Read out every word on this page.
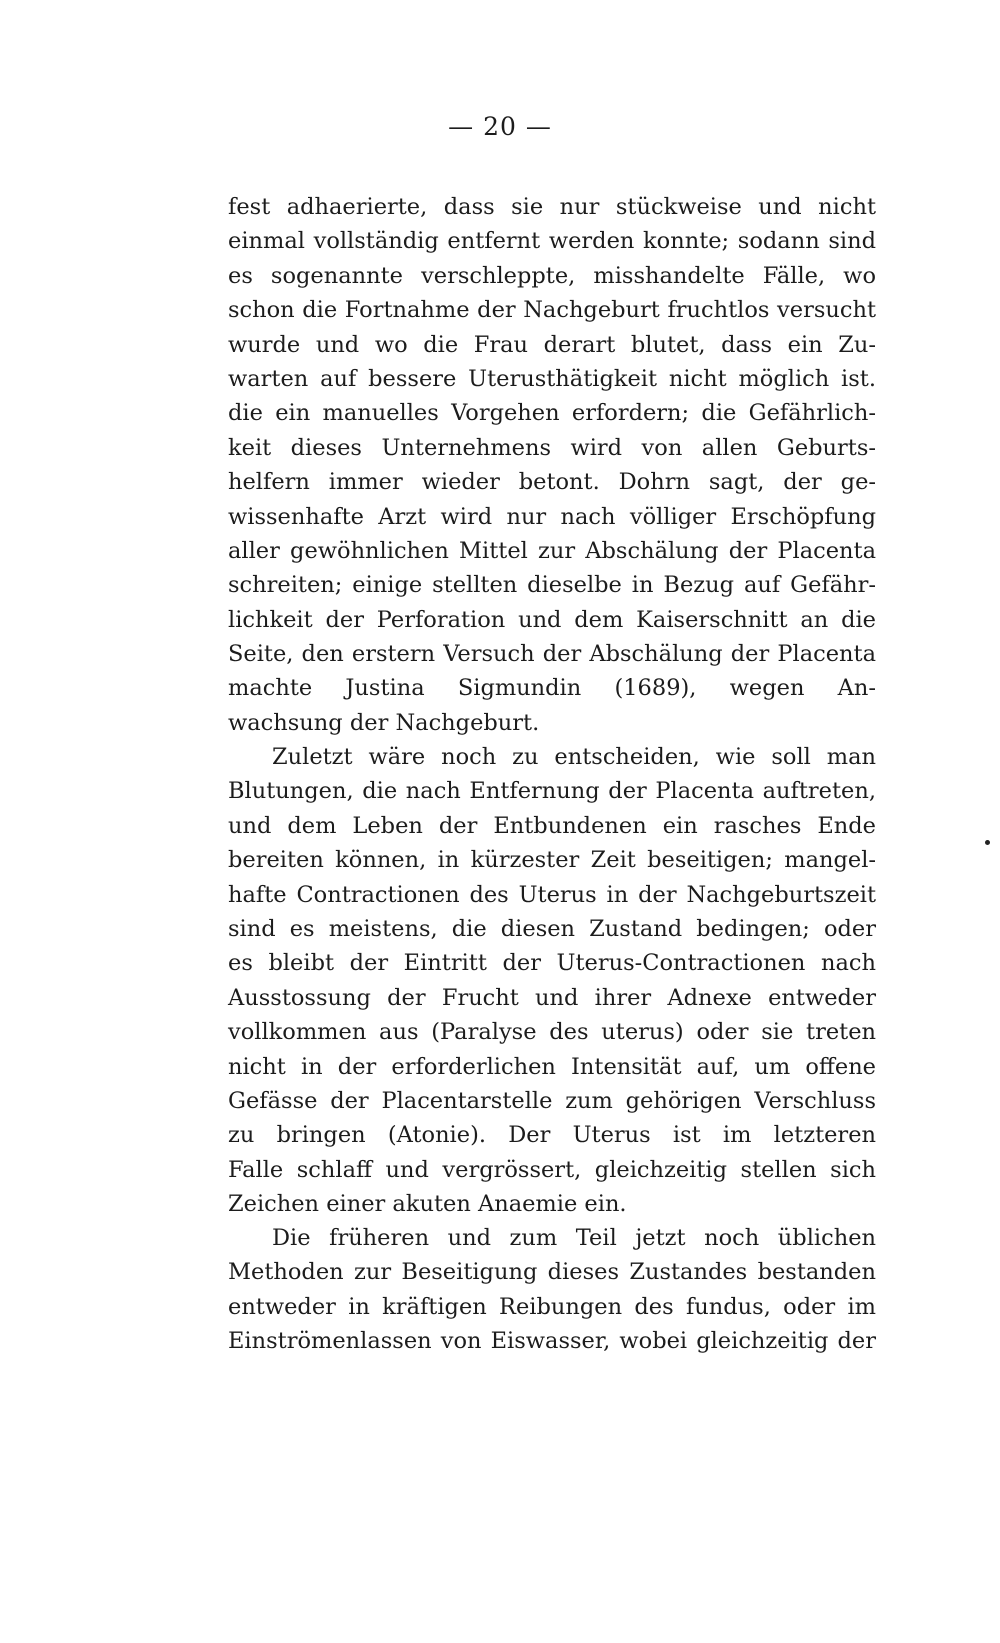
— 20 —
fest adhaerierte, dass sie nur stückweise und nicht
einmal vollständig entfernt werden konnte; sodann sind
es sogenannte verschleppte, misshandelte Fälle, wo
schon die Fortnahme der Nachgeburt fruchtlos versucht
wurde und wo die Frau derart blutet, dass ein Zu-
warten auf bessere Uterusthätigkeit nicht möglich ist.
die ein manuelles Vorgehen erfordern; die Gefährlich-
keit dieses Unternehmens wird von allen Geburts-
helfern immer wieder betont. Dohrn sagt, der ge-
wissenhafte Arzt wird nur nach völliger Erschöpfung
aller gewöhnlichen Mittel zur Abschälung der Placenta
schreiten; einige stellten dieselbe in Bezug auf Gefähr-
lichkeit der Perforation und dem Kaiserschnitt an die
Seite, den erstern Versuch der Abschälung der Placenta
machte Justina Sigmundin (1689), wegen An-
wachsung der Nachgeburt.
Zuletzt wäre noch zu entscheiden, wie soll man
Blutungen, die nach Entfernung der Placenta auftreten,
und dem Leben der Entbundenen ein rasches Ende
bereiten können, in kürzester Zeit beseitigen; mangel-
hafte Contractionen des Uterus in der Nachgeburtszeit
sind es meistens, die diesen Zustand bedingen; oder
es bleibt der Eintritt der Uterus-Contractionen nach
Ausstossung der Frucht und ihrer Adnexe entweder
vollkommen aus (Paralyse des uterus) oder sie treten
nicht in der erforderlichen Intensität auf, um offene
Gefässe der Placentarstelle zum gehörigen Verschluss
zu bringen (Atonie). Der Uterus ist im letzteren
Falle schlaff und vergrössert, gleichzeitig stellen sich
Zeichen einer akuten Anaemie ein.
Die früheren und zum Teil jetzt noch üblichen
Methoden zur Beseitigung dieses Zustandes bestanden
entweder in kräftigen Reibungen des fundus, oder im
Einströmenlassen von Eiswasser, wobei gleichzeitig der
